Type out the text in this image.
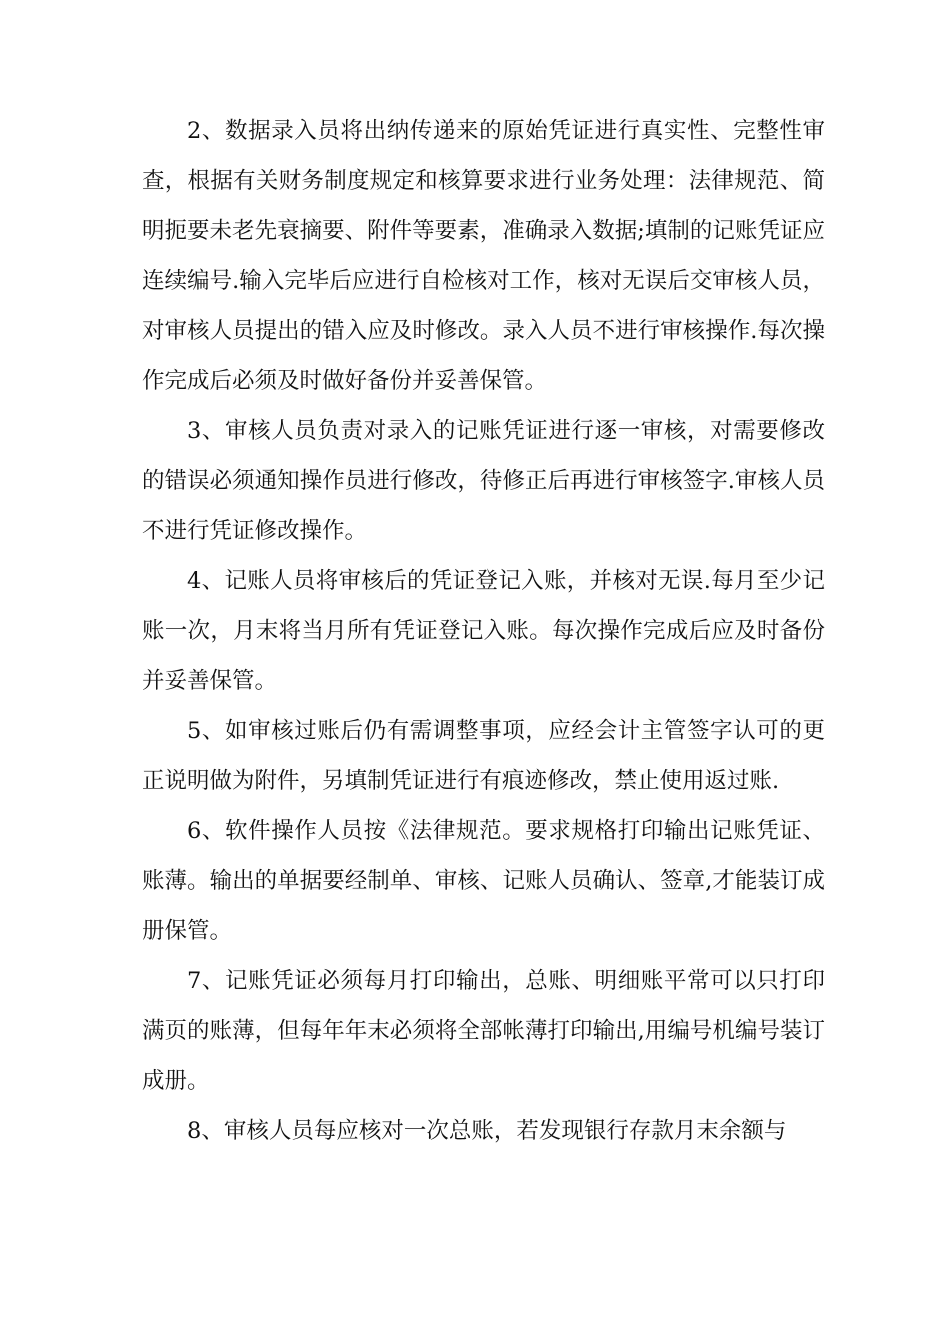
2、数据录入员将出纳传递来的原始凭证进行真实性、完整性审查，根据有关财务制度规定和核算要求进行业务处理：法律规范、简明扼要未老先衰摘要、附件等要素，准确录入数据;填制的记账凭证应连续编号.输入完毕后应进行自检核对工作，核对无误后交审核人员，对审核人员提出的错入应及时修改。录入人员不进行审核操作.每次操作完成后必须及时做好备份并妥善保管。

3、审核人员负责对录入的记账凭证进行逐一审核，对需要修改的错误必须通知操作员进行修改，待修正后再进行审核签字.审核人员不进行凭证修改操作。

4、记账人员将审核后的凭证登记入账，并核对无误.每月至少记账一次，月末将当月所有凭证登记入账。每次操作完成后应及时备份并妥善保管。

5、如审核过账后仍有需调整事项，应经会计主管签字认可的更正说明做为附件，另填制凭证进行有痕迹修改，禁止使用返过账.

6、软件操作人员按《法律规范。要求规格打印输出记账凭证、账薄。输出的单据要经制单、审核、记账人员确认、签章,才能装订成册保管。

7、记账凭证必须每月打印输出，总账、明细账平常可以只打印满页的账薄，但每年年末必须将全部帐薄打印输出,用编号机编号装订成册。

8、审核人员每应核对一次总账，若发现银行存款月末余额与
